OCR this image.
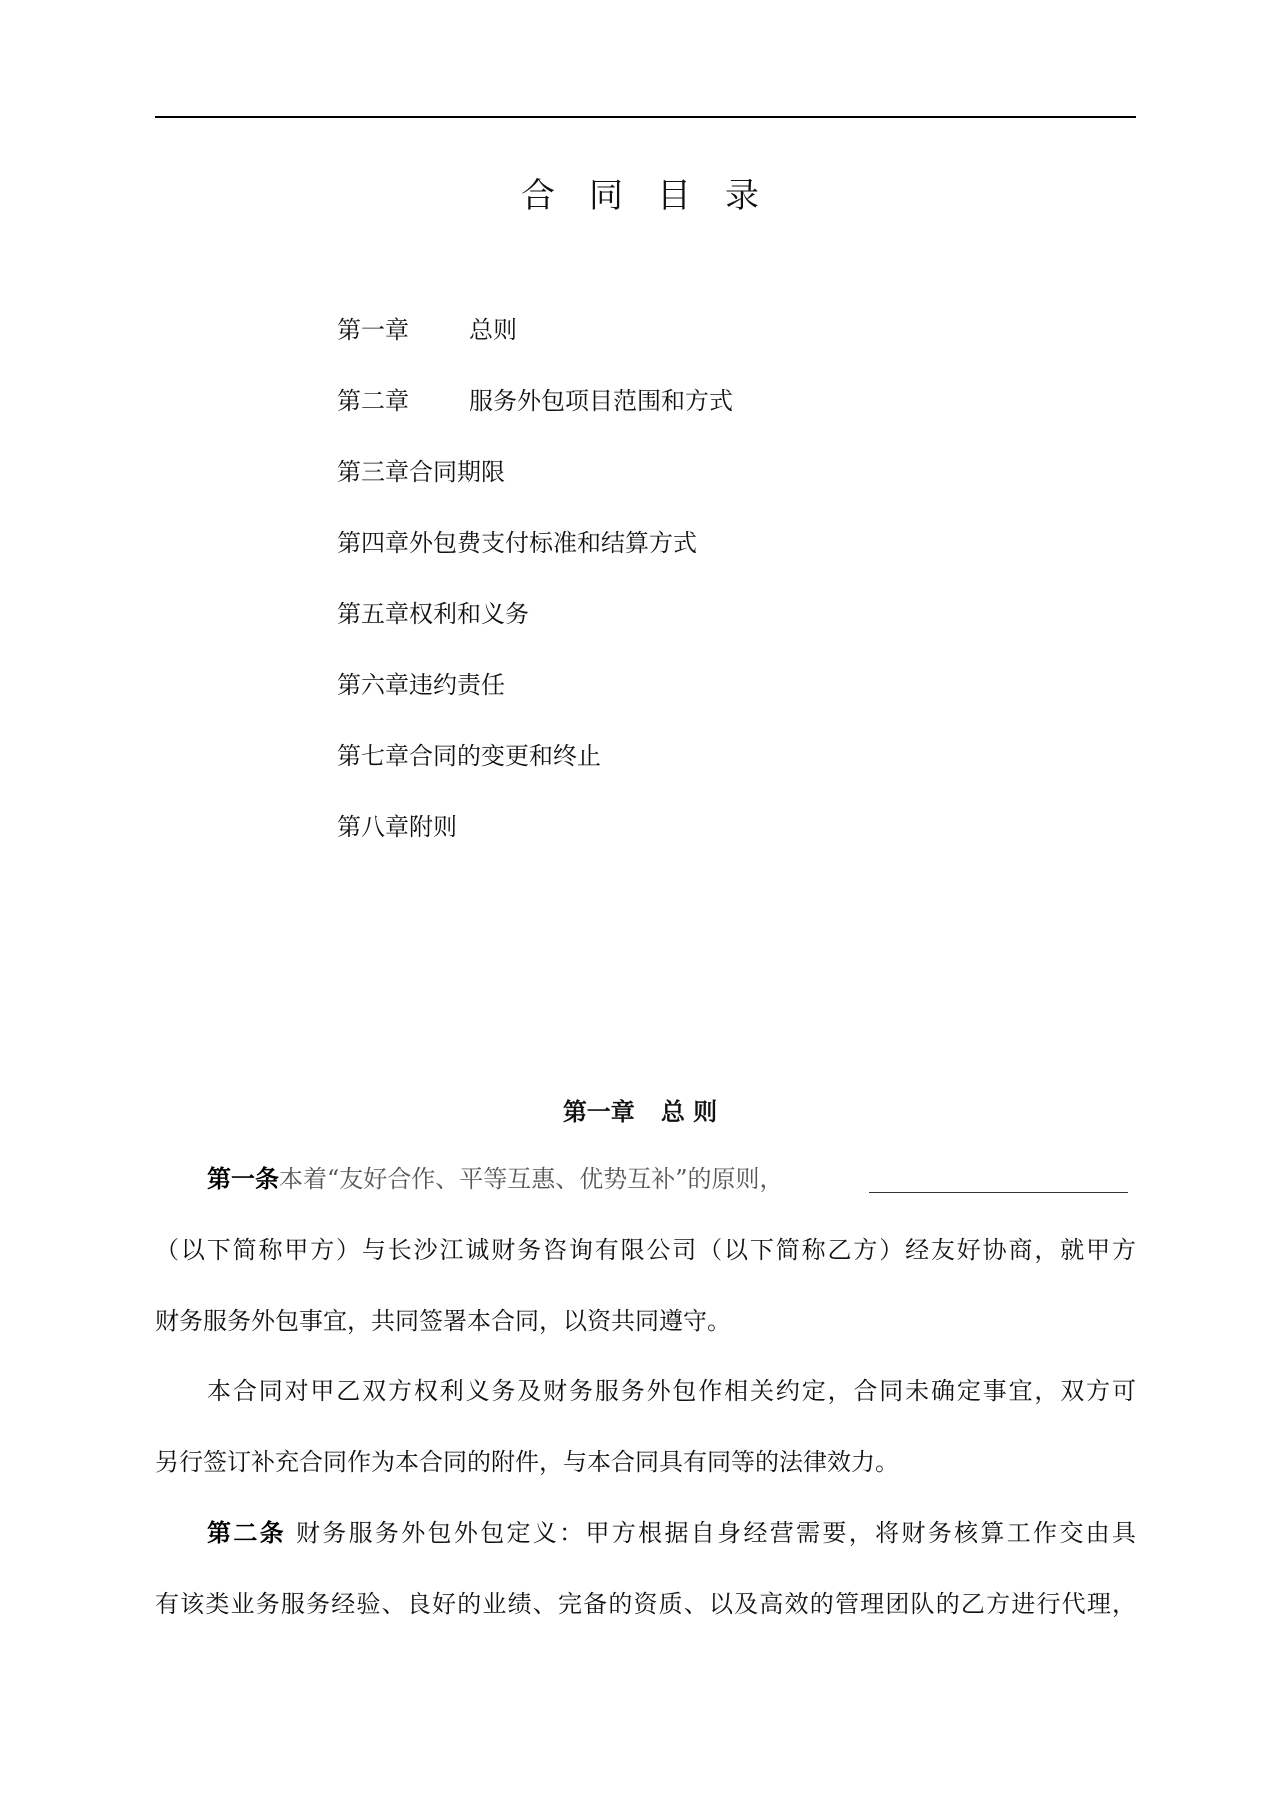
合同目录
第一章	总则
第二章	服务外包项目范围和方式
第三章合同期限
第四章外包费支付标准和结算方式
第五章权利和义务
第六章违约责任
第七章合同的变更和终止
第八章附则
第一章 总 则
第一条本着“友好合作、平等互惠、优势互补”的原则，
（以下简称甲方）与长沙江诚财务咨询有限公司（以下简称乙方）经友好协商，就甲方
财务服务外包事宜，共同签署本合同，以资共同遵守。
本合同对甲乙双方权利义务及财务服务外包作相关约定，合同未确定事宜，双方可
另行签订补充合同作为本合同的附件，与本合同具有同等的法律效力。
第二条 财务服务外包外包定义：甲方根据自身经营需要，将财务核算工作交由具
有该类业务服务经验、良好的业绩、完备的资质、以及高效的管理团队的乙方进行代理，
